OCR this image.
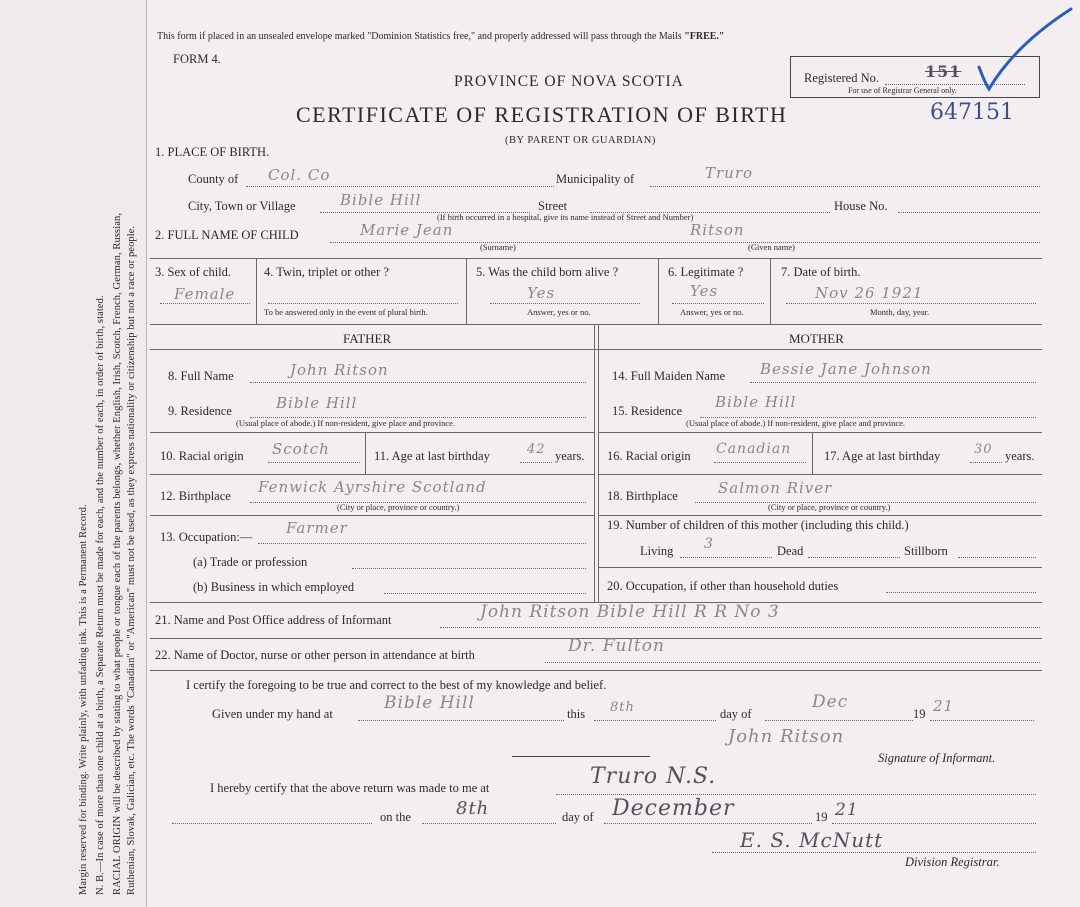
Margin reserved for binding. Write plainly, with unfading ink. This is a Permanent Record. N. B.—In case of more than one child at a birth, a Separate Return must be made for each, and the number of each, in order of birth, stated. RACIAL ORIGIN will be described by stating to what people or tongue each of the parents belongs, whether English, Irish, Scotch, French, German, Russian, Ruthenian, Slovak, Galician, etc. The words "Canadian" or "American" must not be used, as they express nationality or citizenship but not a race or people.
This form if placed in an unsealed envelope marked "Dominion Statistics free," and properly addressed will pass through the Mails "FREE."
FORM 4.
PROVINCE OF NOVA SCOTIA
CERTIFICATE OF REGISTRATION OF BIRTH
(BY PARENT OR GUARDIAN)
Registered No.	151
For use of Registrar General only.
647151
1. PLACE OF BIRTH.
County of Col. Co	Municipality of	Truro
City, Town or Village	Bible Hill	Street	House No.
(If birth occurred in a hospital, give its name instead of Street and Number)
2. FULL NAME OF CHILD	Marie Jean	Ritson
(Surname)	(Given name)
3. Sex of child.
Female
4. Twin, triplet or other ?
To be answered only in the event of plural birth.
5. Was the child born alive ?
Yes
Answer, yes or no.
6. Legitimate ?
Yes
Answer, yes or no.
7. Date of birth.
Nov 26 1921
Month, day, year.
FATHER	MOTHER
8. Full Name	John Ritson
9. Residence	Bible Hill
(Usual place of abode.) If non-resident, give place and province.
10. Racial origin Scotch	11. Age at last birthday	42 years.
12. Birthplace Fenwick Ayrshire Scotland
(City or place, province or country.)
13. Occupation:— Farmer
(a) Trade or profession
(b) Business in which employed
14. Full Maiden Name Bessie Jane Johnson
15. Residence Bible Hill
(Usual place of abode.) If non-resident, give place and province.
16. Racial origin Canadian	17. Age at last birthday	30 years.
18. Birthplace	Salmon River
(City or place, province or country.)
19. Number of children of this mother (including this child.)
Living 3	Dead	Stillborn
20. Occupation, if other than household duties
21. Name and Post Office address of Informant	John Ritson Bible Hill R R No 3
22. Name of Doctor, nurse or other person in attendance at birth	Dr. Fulton
I certify the foregoing to be true and correct to the best of my knowledge and belief.
Given under my hand at
Bible Hill
this 8th	day of
Dec
19 21
John Ritson
Signature of Informant.
I hereby certify that the above return was made to me at	Truro N.S.
on the	8th	day of December	19 21
E. S. McNutt
Division Registrar.
